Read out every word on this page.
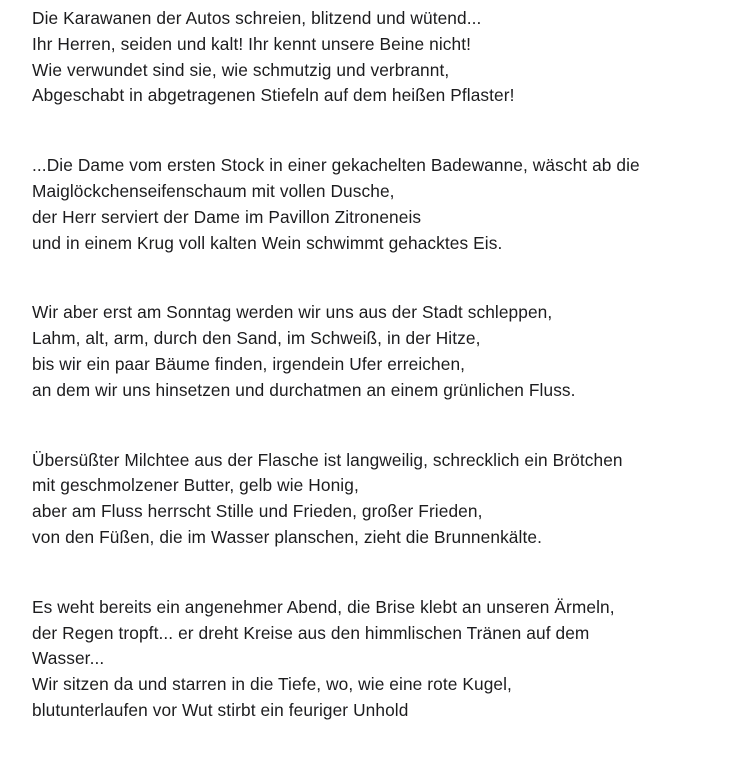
Die Karawanen der Autos schreien, blitzend und wütend...
Ihr Herren, seiden und kalt! Ihr kennt unsere Beine nicht!
Wie verwundet sind sie, wie schmutzig und verbrannt,
Abgeschabt in abgetragenen Stiefeln auf dem heißen Pflaster!
...Die Dame vom ersten Stock in einer gekachelten Badewanne, wäscht ab die
Maiglöckchenseifenschaum mit vollen Dusche,
der Herr serviert der Dame im Pavillon Zitroneneis
und in einem Krug voll kalten Wein schwimmt gehacktes Eis.
Wir aber erst am Sonntag werden wir uns aus der Stadt schleppen,
Lahm, alt, arm, durch den Sand, im Schweiß, in der Hitze,
bis wir ein paar Bäume finden, irgendein Ufer erreichen,
an dem wir uns hinsetzen und durchatmen an einem grünlichen Fluss.
Übersüßter Milchtee aus der Flasche ist langweilig, schrecklich ein Brötchen
mit geschmolzener Butter, gelb wie Honig,
aber am Fluss herrscht Stille und Frieden, großer Frieden,
von den Füßen, die im Wasser planschen, zieht die Brunnenkälte.
Es weht bereits ein angenehmer Abend, die Brise klebt an unseren Ärmeln,
der Regen tropft... er dreht Kreise aus den himmlischen Tränen auf dem
Wasser...
Wir sitzen da und starren in die Tiefe, wo, wie eine rote Kugel,
blutunterlaufen vor Wut stirbt ein feuriger Unhold
